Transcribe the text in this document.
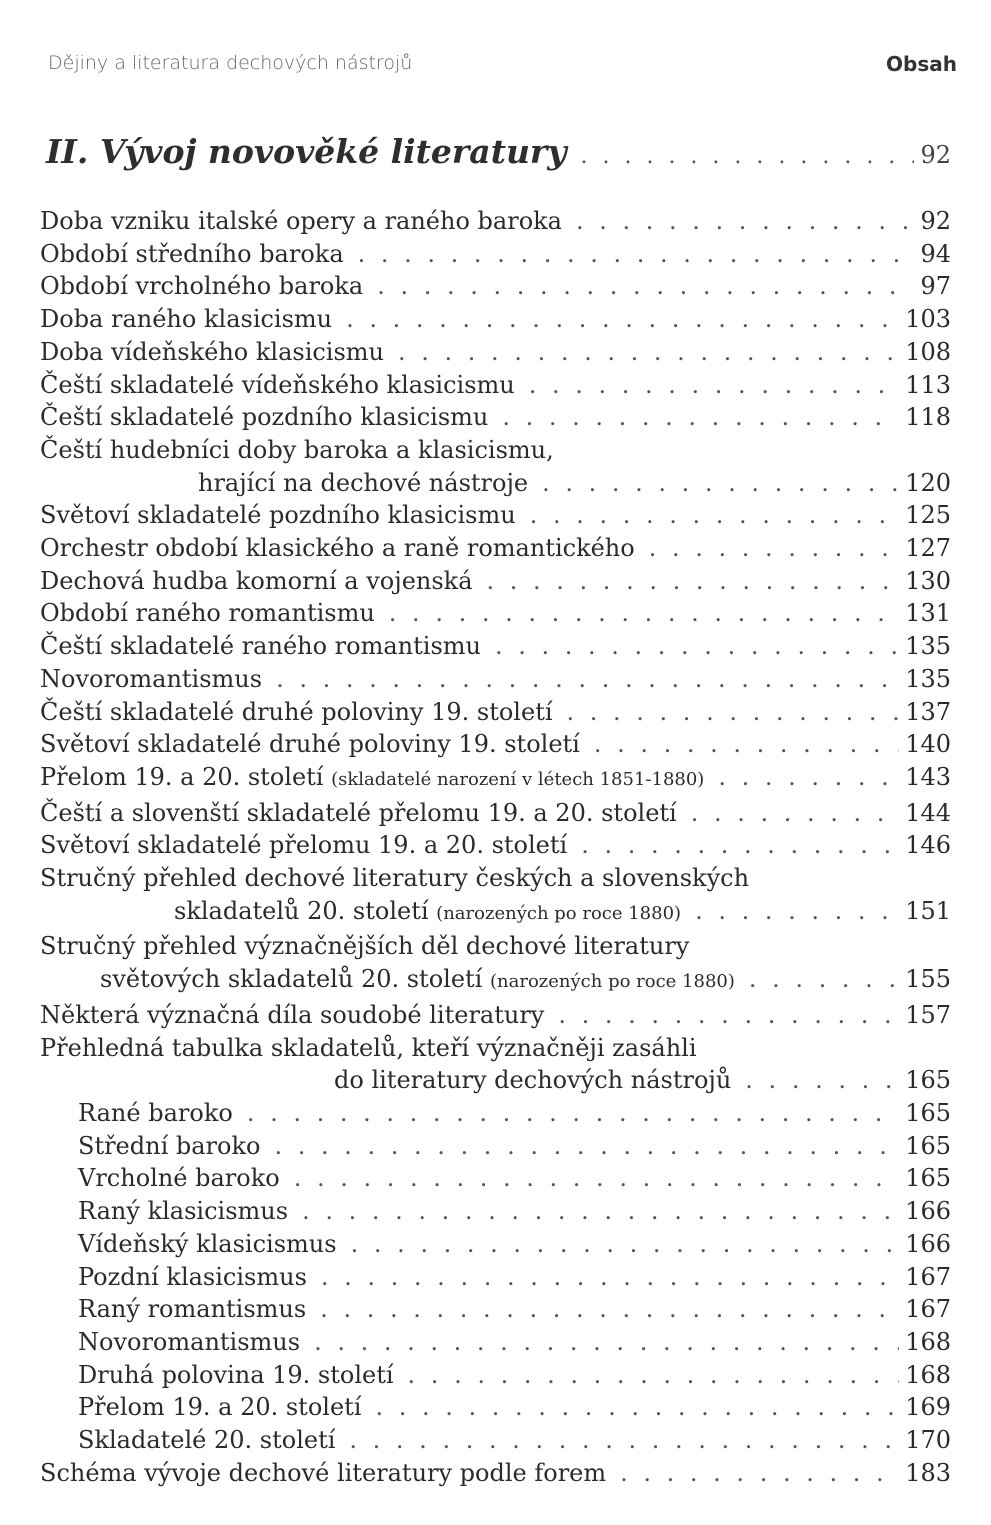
Dějiny a literatura dechových nástrojů	Obsah
II. Vývoj novověké literatury . . .	92
Doba vzniku italské opery a raného baroka . . .	92
Období středního baroka . . .	94
Období vrcholného baroka . . .	97
Doba raného klasicismu . . .	103
Doba vídeňského klasicismu . . .	108
Čeští skladatelé vídeňského klasicismu . . .	113
Čeští skladatelé pozdního klasicismu . . .	118
Čeští hudebníci doby baroka a klasicismu,
hrající na dechové nástroje . . .	120
Světoví skladatelé pozdního klasicismu . . .	125
Orchestr období klasického a raně romantického . . .	127
Dechová hudba komorní a vojenská . . .	130
Období raného romantismu . . .	131
Čeští skladatelé raného romantismu . . .	135
Novoromantismus . . .	135
Čeští skladatelé druhé poloviny 19. století . . .	137
Světoví skladatelé druhé poloviny 19. století . . .	140
Přelom 19. a 20. století
(skladatelé narození v létech 1851-1880) . . .	143
Čeští a slovenští skladatelé přelomu 19. a 20. století . . .	144
Světoví skladatelé přelomu 19. a 20. století . . .	146
Stručný přehled dechové literatury českých a slovenských
skladatelů 20. století
(narozených po roce 1880) . . .	151
Stručný přehled význačnějších děl dechové literatury
světových skladatelů 20. století
(narozených po roce 1880) . . .	155
Některá význačná díla soudobé literatury . . .	157
Přehledná tabulka skladatelů, kteří význačněji zasáhli
do literatury dechových nástrojů . . .	165
Rané baroko . . .	165
Střední baroko . . .	165
Vrcholné baroko . . .	165
Raný klasicismus . . .	166
Vídeňský klasicismus . . .	166
Pozdní klasicismus . . .	167
Raný romantismus . . .	167
Novoromantismus . . .	168
Druhá polovina 19. století . . .	168
Přelom 19. a 20. století . . .	169
Skladatelé 20. století . . .	170
Schéma vývoje dechové literatury podle forem . . .	183
